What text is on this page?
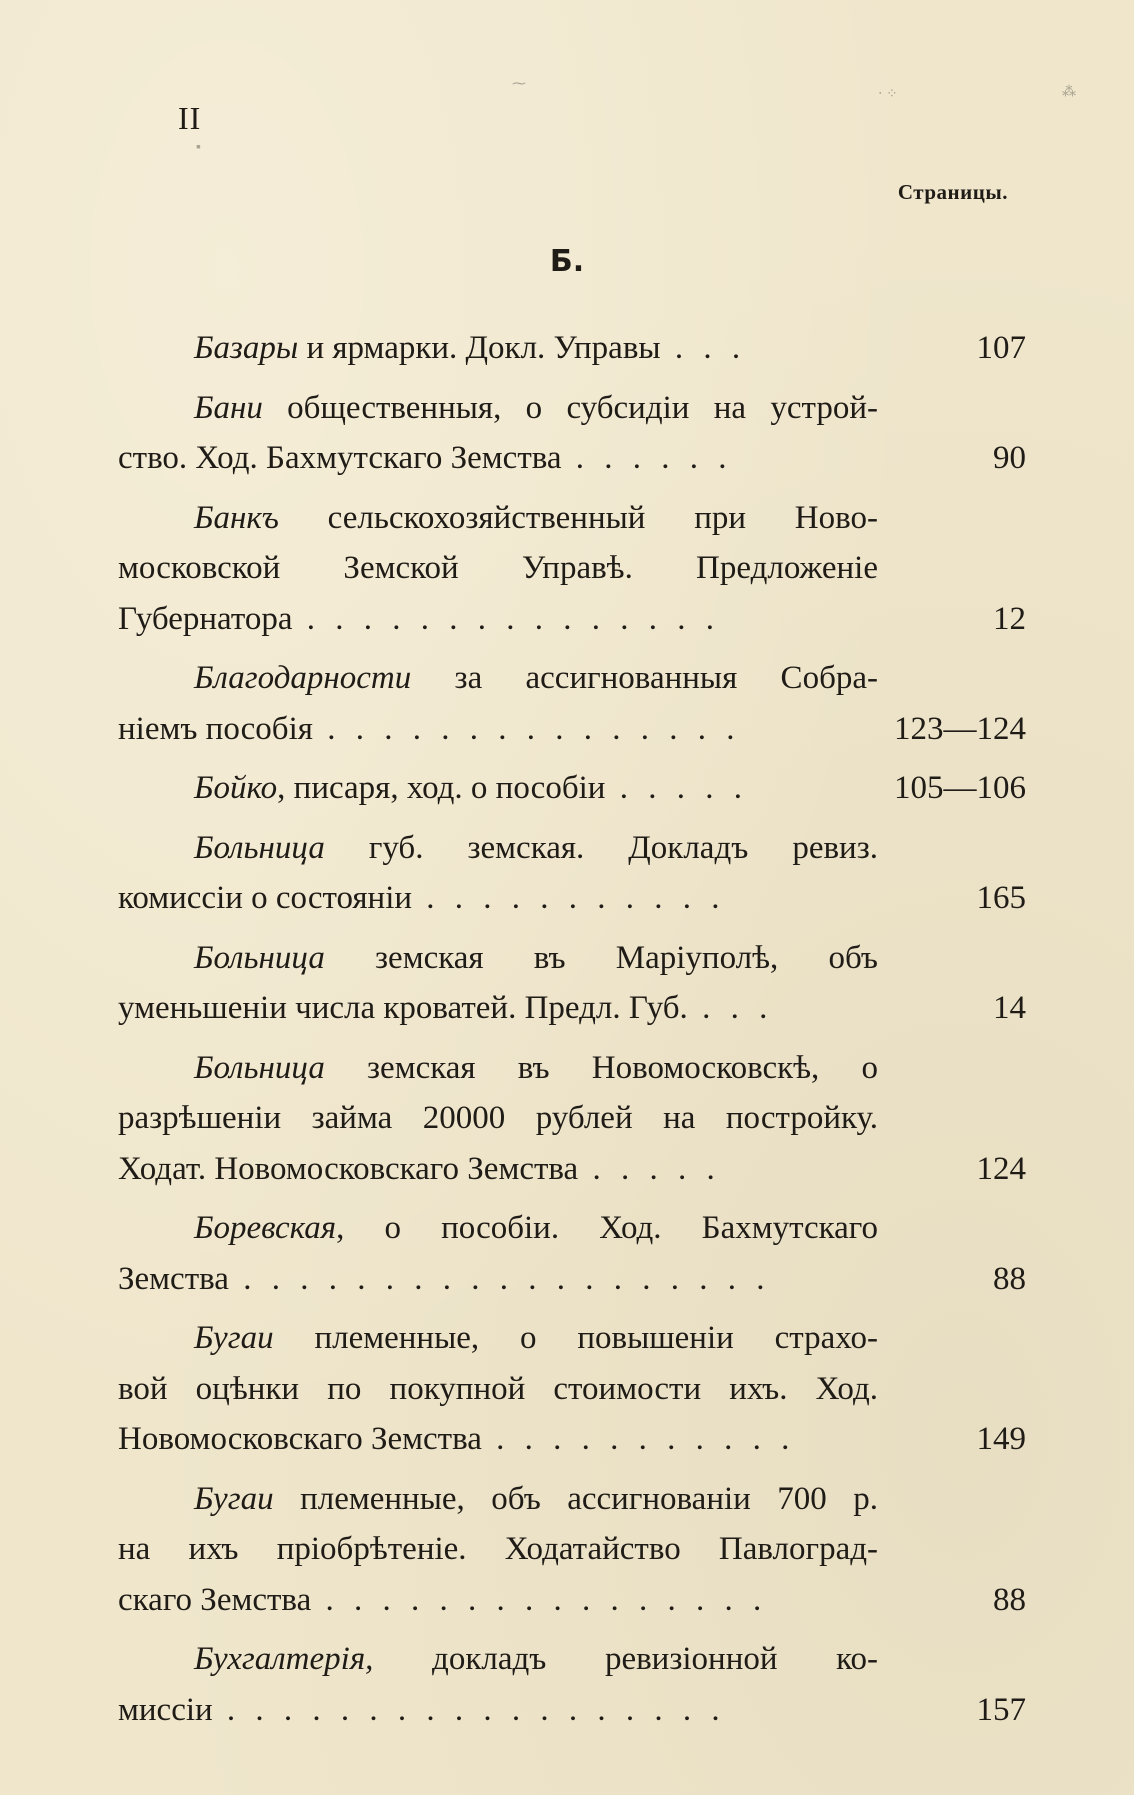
⁓
‧ ⁘	⁂
▪
II
Страницы.
Б.
Базары и ярмарки. Докл. Управы . . .	107
Бани общественныя, о субсидіи на устрой-
ство. Ход. Бахмутскаго Земства . . . . . .	90
Банкъ сельскохозяйственный при Ново-
московской Земской Управѣ. Предложеніе
Губернатора . . . . . . . . . . . . . . .	12
Благодарности за ассигнованныя Собра-
ніемъ пособія . . . . . . . . . . . . . . .	123—124
Бойко, писаря, ход. о пособіи . . . . .	105—106
Больница губ. земская. Докладъ ревиз.
комиссіи о состояніи . . . . . . . . . . .	165
Больница земская въ Маріуполѣ, объ
уменьшеніи числа кроватей. Предл. Губ. . . .	14
Больница земская въ Новомосковскѣ, о
разрѣшеніи займа 20000 рублей на постройку.
Ходат. Новомосковскаго Земства . . . . .	124
Боревская, о пособіи. Ход. Бахмутскаго
Земства . . . . . . . . . . . . . . . . . . .	88
Бугаи племенные, о повышеніи страхо-
вой оцѣнки по покупной стоимости ихъ. Ход.
Новомосковскаго Земства . . . . . . . . . . .	149
Бугаи племенные, объ ассигнованіи 700 р.
на ихъ пріобрѣтеніе. Ходатайство Павлоград-
скаго Земства . . . . . . . . . . . . . . . .	88
Бухгалтерія, докладъ ревизіонной ко-
миссіи . . . . . . . . . . . . . . . . . .	157
